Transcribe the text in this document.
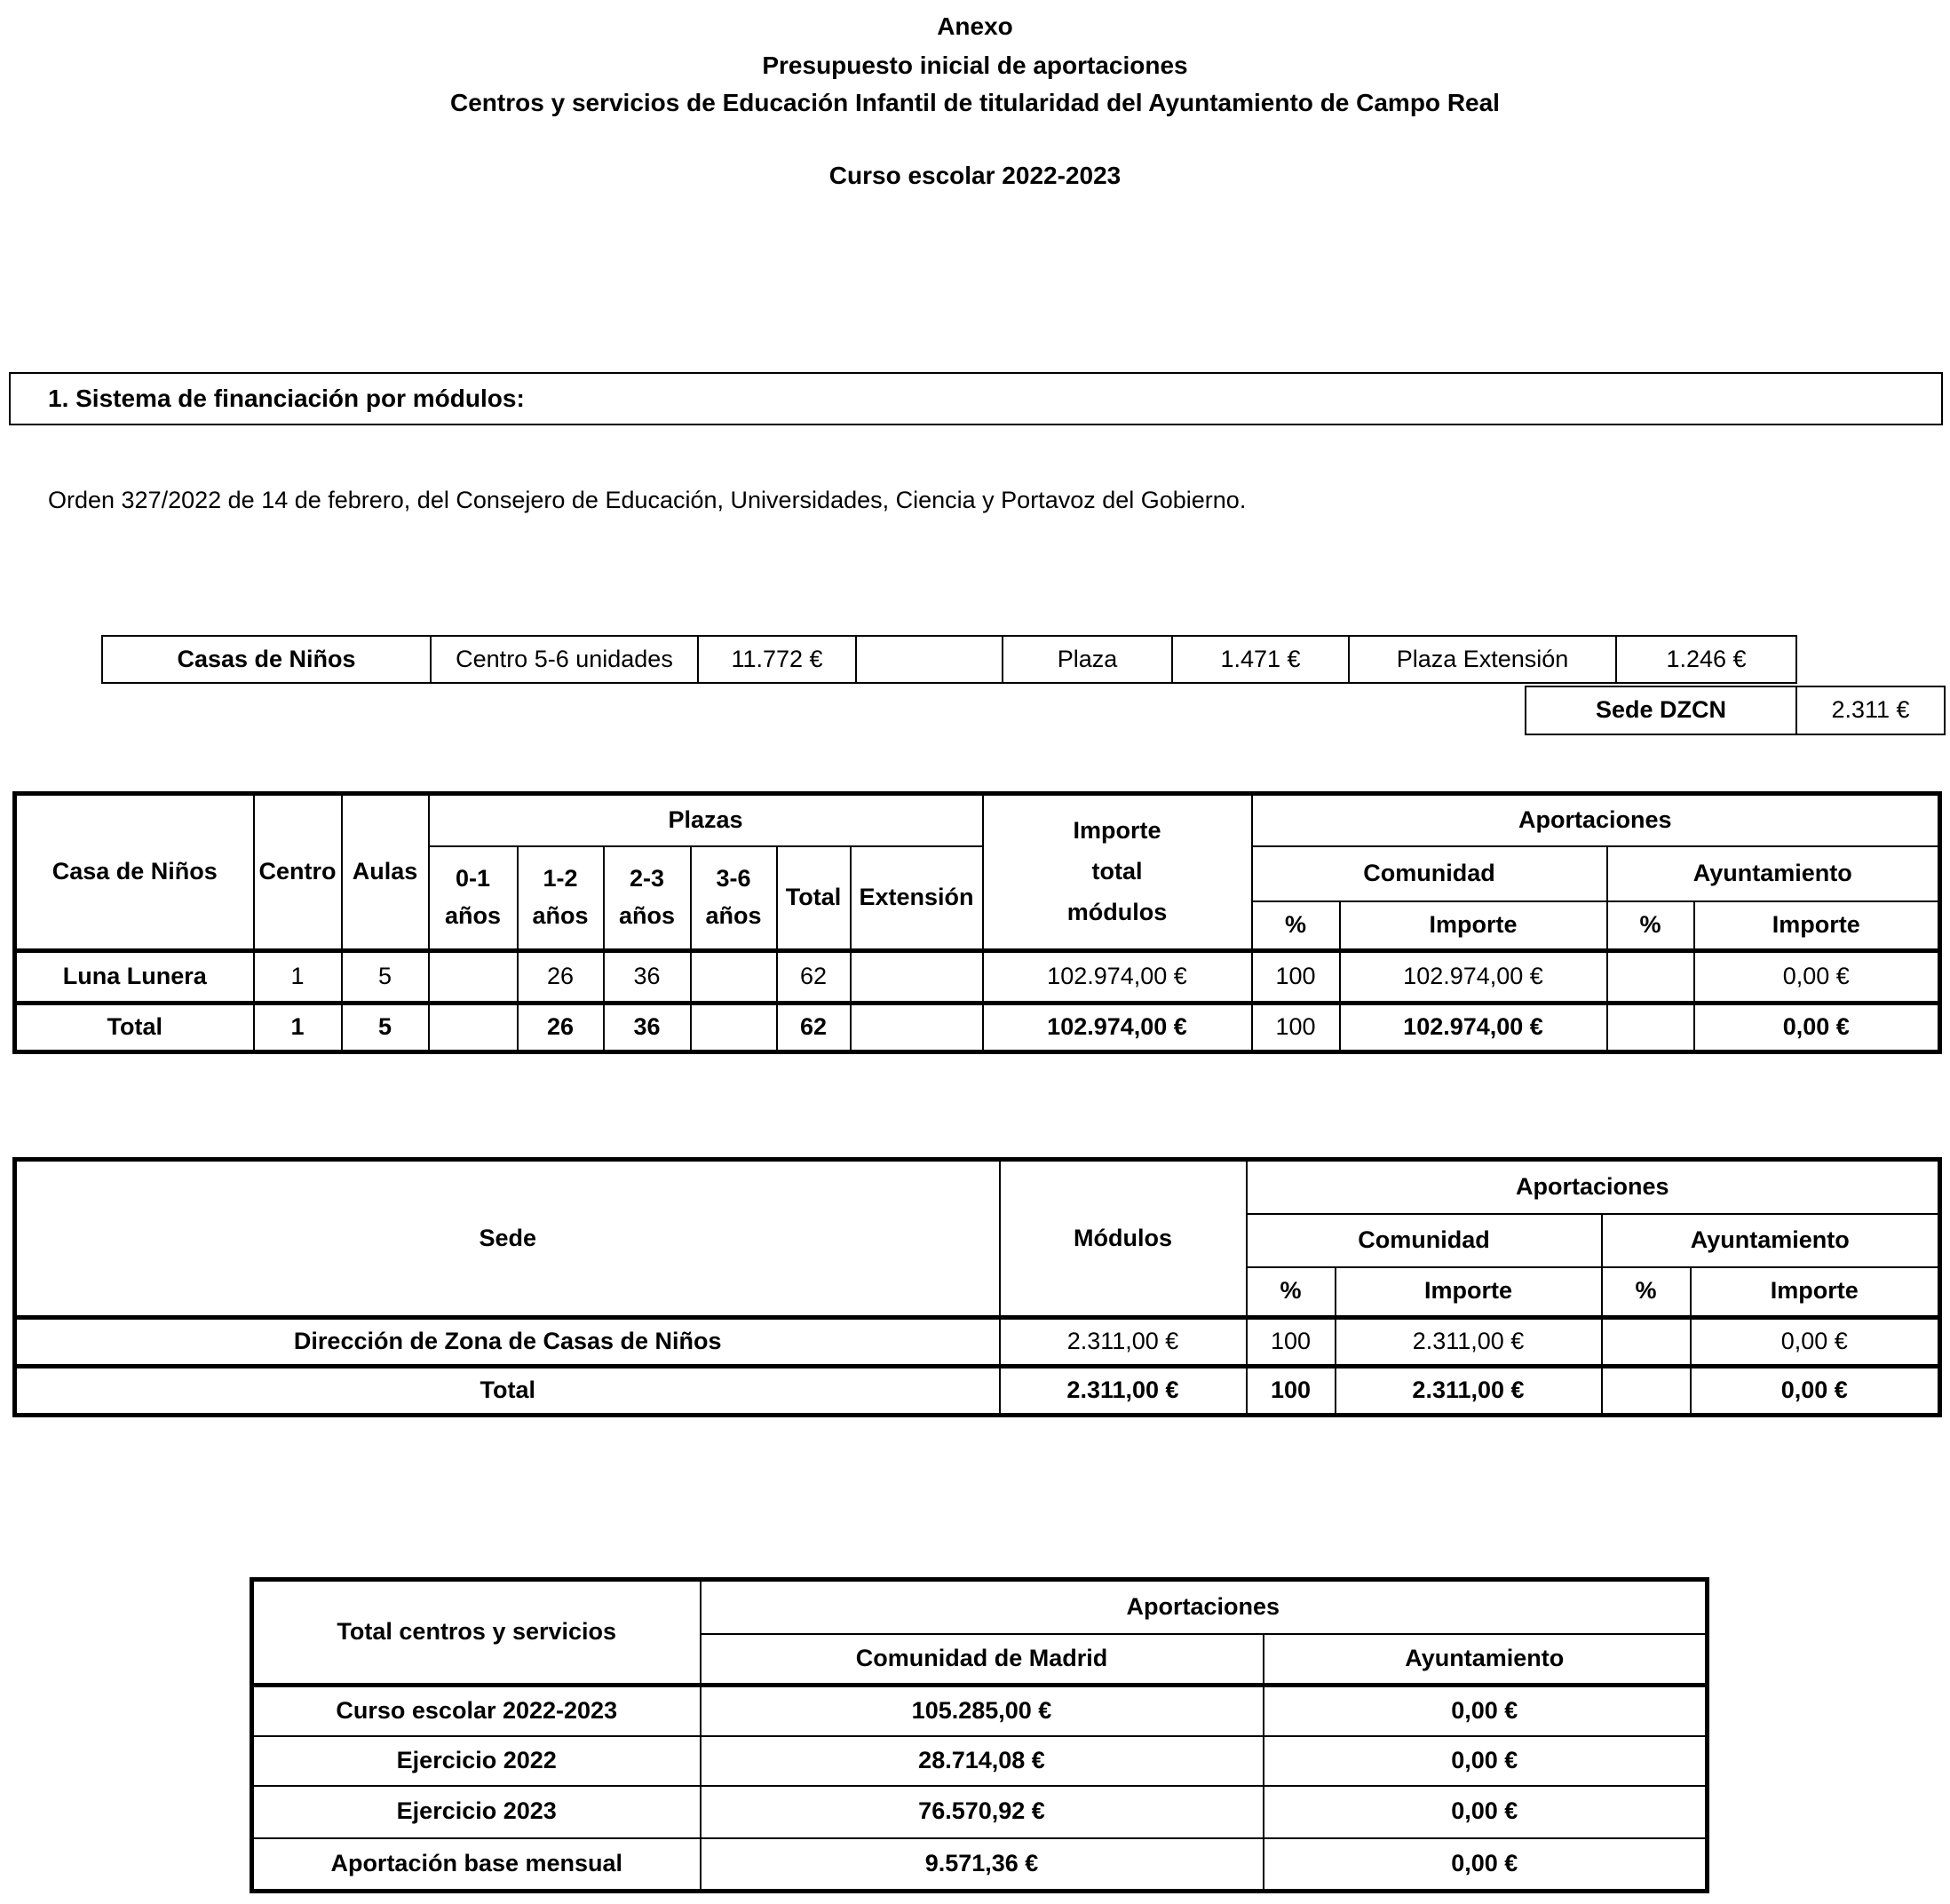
Anexo
Presupuesto inicial de aportaciones
Centros y servicios de Educación Infantil de titularidad del Ayuntamiento de Campo Real
Curso escolar 2022-2023
1. Sistema de financiación por módulos:
Orden 327/2022 de 14 de febrero, del Consejero de Educación, Universidades, Ciencia y Portavoz del Gobierno.
Casas de Niños	Centro 5-6 unidades	11.772 €		Plaza	1.471 €	Plaza Extensión	1.246 €
Sede DZCN	2.311 €
Casa de Niños	Centro	Aulas	Plazas						Importe total módulos	Aportaciones			
			0-1 años	1-2 años	2-3 años	3-6 años	Total	Extensión		Comunidad		Ayuntamiento	
										%	Importe	%	Importe
Luna Lunera	1	5		26	36		62		102.974,00 €	100	102.974,00 €		0,00 €
Total	1	5		26	36		62		102.974,00 €	100	102.974,00 €		0,00 €
Sede	Módulos	Aportaciones			
		Comunidad		Ayuntamiento	
		%	Importe	%	Importe
Dirección de Zona de Casas de Niños	2.311,00 €	100	2.311,00 €		0,00 €
Total	2.311,00 €	100	2.311,00 €		0,00 €
Total centros y servicios	Aportaciones	
	Comunidad de Madrid	Ayuntamiento
Curso escolar 2022-2023	105.285,00 €	0,00 €
Ejercicio 2022	28.714,08 €	0,00 €
Ejercicio 2023	76.570,92 €	0,00 €
Aportación base mensual	9.571,36 €	0,00 €
